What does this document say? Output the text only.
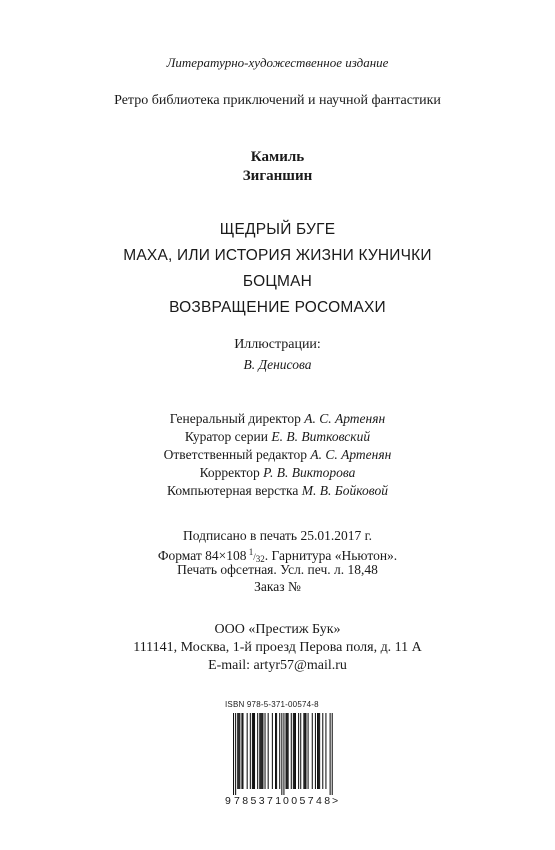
Литературно-художественное издание
Ретро библиотека приключений и научной фантастики
Камиль
Зиганшин
ЩЕДРЫЙ БУГЕ
МАХА, ИЛИ ИСТОРИЯ ЖИЗНИ КУНИЧКИ
БОЦМАН
ВОЗВРАЩЕНИЕ РОСОМАХИ
Иллюстрации:
В. Денисова
Генеральный директор А. С. Артенян
Куратор серии Е. В. Витковский
Ответственный редактор А. С. Артенян
Корректор Р. В. Викторова
Компьютерная верстка М. В. Бойковой
Подписано в печать 25.01.2017 г.
Формат 84×108 1/32. Гарнитура «Ньютон».
Печать офсетная. Усл. печ. л. 18,48
Заказ №
ООО «Престиж Бук»
111141, Москва, 1-й проезд Перова поля, д. 11 А
E-mail: artyr57@mail.ru
ISBN 978-5-371-00574-8
9 785371 005748 >
